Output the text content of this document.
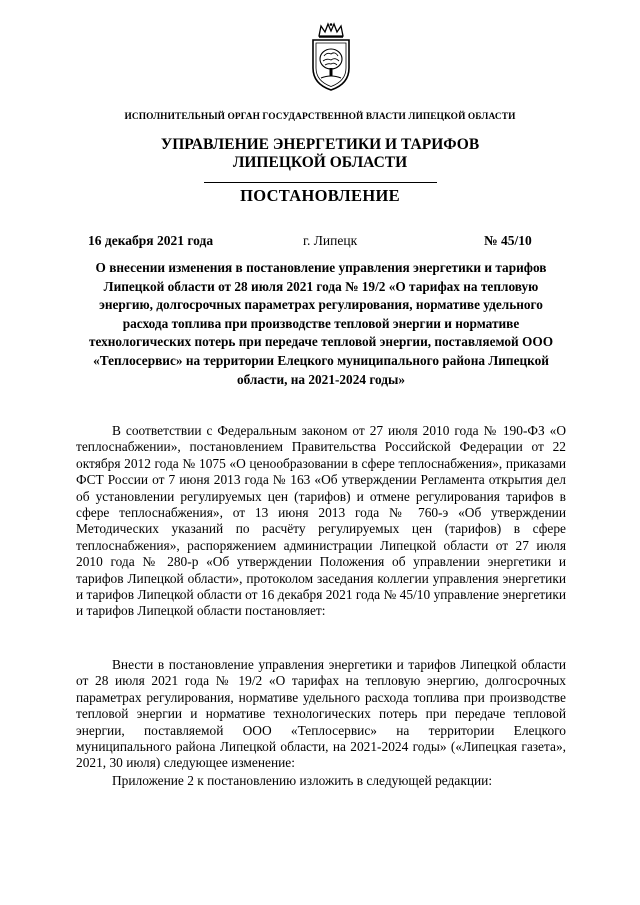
ИСПОЛНИТЕЛЬНЫЙ ОРГАН ГОСУДАРСТВЕННОЙ ВЛАСТИ ЛИПЕЦКОЙ ОБЛАСТИ
УПРАВЛЕНИЕ ЭНЕРГЕТИКИ И ТАРИФОВ
ЛИПЕЦКОЙ ОБЛАСТИ
ПОСТАНОВЛЕНИЕ
16 декабря 2021 года	г. Липецк	№ 45/10
О внесении изменения в постановление управления энергетики и тарифов Липецкой области от 28 июля 2021 года № 19/2 «О тарифах на тепловую энергию, долгосрочных параметрах регулирования, нормативе удельного расхода топлива при производстве тепловой энергии и нормативе технологических потерь при передаче тепловой энергии, поставляемой ООО «Теплосервис» на территории Елецкого муниципального района Липецкой области, на 2021-2024 годы»
В соответствии с Федеральным законом от 27 июля 2010 года № 190-ФЗ «О теплоснабжении», постановлением Правительства Российской Федерации от 22 октября 2012 года № 1075 «О ценообразовании в сфере теплоснабжения», приказами ФСТ России от 7 июня 2013 года № 163 «Об утверждении Регламента открытия дел об установлении регулируемых цен (тарифов) и отмене регулирования тарифов в сфере теплоснабжения», от 13 июня 2013 года № 760-э «Об утверждении Методических указаний по расчёту регулируемых цен (тарифов) в сфере теплоснабжения», распоряжением администрации Липецкой области от 27 июля 2010 года № 280-р «Об утверждении Положения об управлении энергетики и тарифов Липецкой области», протоколом заседания коллегии управления энергетики и тарифов Липецкой области от 16 декабря 2021 года № 45/10 управление энергетики и тарифов Липецкой области постановляет:
Внести в постановление управления энергетики и тарифов Липецкой области от 28 июля 2021 года № 19/2 «О тарифах на тепловую энергию, долгосрочных параметрах регулирования, нормативе удельного расхода топлива при производстве тепловой энергии и нормативе технологических потерь при передаче тепловой энергии, поставляемой ООО «Теплосервис» на территории Елецкого муниципального района Липецкой области, на 2021-2024 годы» («Липецкая газета», 2021, 30 июля) следующее изменение:
Приложение 2 к постановлению изложить в следующей редакции:
